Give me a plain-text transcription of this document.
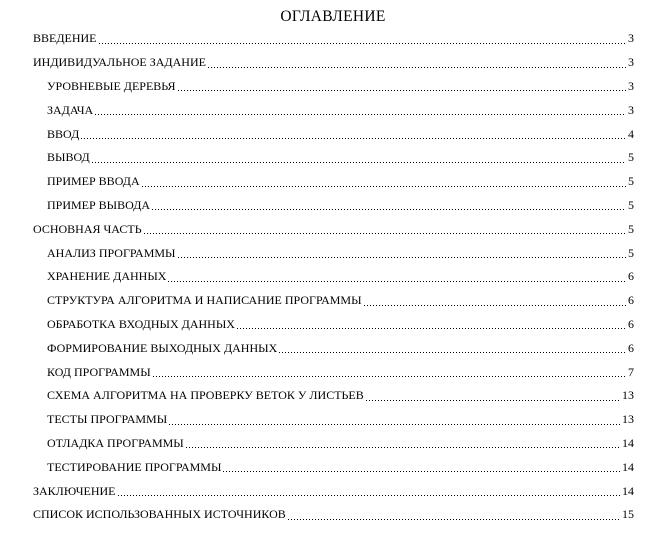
ОГЛАВЛЕНИЕ
ВВЕДЕНИЕ	3
ИНДИВИДУАЛЬНОЕ ЗАДАНИЕ	3
УРОВНЕВЫЕ ДЕРЕВЬЯ	3
ЗАДАЧА	3
ВВОД	4
ВЫВОД	5
ПРИМЕР ВВОДА	5
ПРИМЕР ВЫВОДА	5
ОСНОВНАЯ ЧАСТЬ	5
АНАЛИЗ ПРОГРАММЫ	5
ХРАНЕНИЕ ДАННЫХ	6
СТРУКТУРА АЛГОРИТМА И НАПИСАНИЕ ПРОГРАММЫ	6
ОБРАБОТКА ВХОДНЫХ ДАННЫХ	6
ФОРМИРОВАНИЕ ВЫХОДНЫХ ДАННЫХ	6
КОД ПРОГРАММЫ	7
СХЕМА АЛГОРИТМА НА ПРОВЕРКУ ВЕТОК У ЛИСТЬЕВ	13
ТЕСТЫ ПРОГРАММЫ	13
ОТЛАДКА ПРОГРАММЫ	14
ТЕСТИРОВАНИЕ ПРОГРАММЫ	14
ЗАКЛЮЧЕНИЕ	14
СПИСОК ИСПОЛЬЗОВАННЫХ ИСТОЧНИКОВ	15
